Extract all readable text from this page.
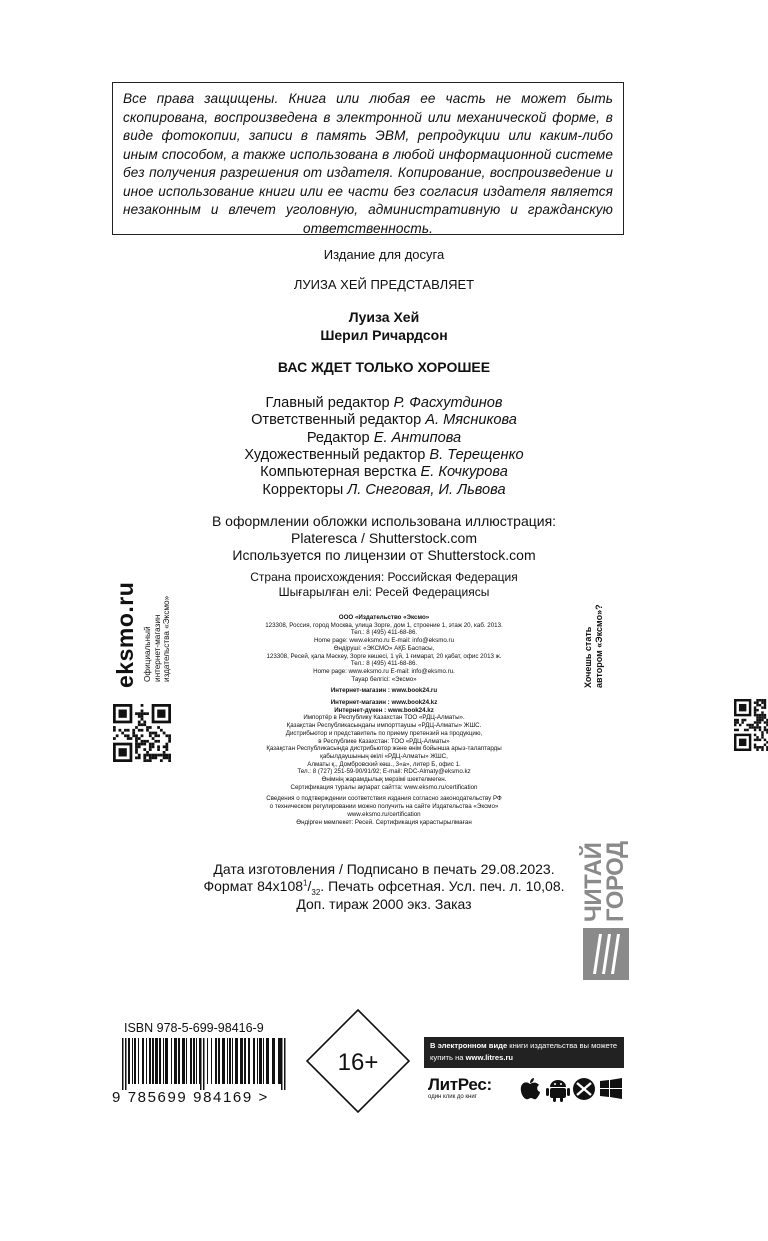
Все права защищены. Книга или любая ее часть не может быть скопирована, воспроизведена в электронной или механической форме, в виде фотокопии, записи в память ЭВМ, репродукции или каким-либо иным способом, а также использована в любой информационной системе без получения разрешения от издателя. Копирование, воспроизведение и иное использование книги или ее части без согласия издателя является незаконным и влечет уголовную, административную и гражданскую ответственность.

Издание для досуга
ЛУИЗА ХЕЙ ПРЕДСТАВЛЯЕТ
Луиза Хей
Шерил Ричардсон
ВАС ЖДЕТ ТОЛЬКО ХОРОШЕЕ
Главный редактор Р. Фасхутдинов
Ответственный редактор А. Мясникова
Редактор Е. Антипова
Художественный редактор В. Терещенко
Компьютерная верстка Е. Кочкурова
Корректоры Л. Снеговая, И. Львова
В оформлении обложки использована иллюстрация:
Plateresca / Shutterstock.com
Используется по лицензии от Shutterstock.com
Страна происхождения: Российская Федерация
Шығарылған елі: Ресей Федерациясы
ООО «Издательство «Эксмо»
123308, Россия, город Москва, улица Зорге, дом 1, строение 1, этаж 20, каб. 2013.
Тел.: 8 (495) 411-68-86.
Home page: www.eksmo.ru E-mail: info@eksmo.ru
Өндіруші: «ЭКСМО» АҚБ Баспасы,
123308, Ресей, қала Мәскеу, Зорге көшесі, 1 үй, 1 ғимарат, 20 қабат, офис 2013 ж.
Тел.: 8 (495) 411-68-86.
Home page: www.eksmo.ru E-mail: info@eksmo.ru.
Тауар белгісі: «Эксмо»
Интернет-магазин : www.book24.ru
Интернет-магазин : www.book24.kz
Интернет-дүкен : www.book24.kz
Импортёр в Республику Казахстан ТОО «РДЦ-Алматы».
Қазақстан Республикасындағы импорттаушы «РДЦ-Алматы» ЖШС.
Дистрибьютор и представитель по приему претензий на продукцию,
в Республике Казахстан: ТОО «РДЦ-Алматы»
Қазақстан Республикасында дистрибьютор және өнім бойынша арыз-талаптарды
қабылдаушының өкілі «РДЦ-Алматы» ЖШС,
Алматы қ., Домбровский көш., 3«а», литер Б, офис 1.
Тел.: 8 (727) 251-59-90/91/92; E-mail: RDC-Almaty@eksmo.kz
Өнімнің жарамдылық мерзімі шектелмеген.
Сертификация туралы ақпарат сайтта: www.eksmo.ru/certification
Сведения о подтверждении соответствия издания согласно законодательству РФ
о техническом регулировании можно получить на сайте Издательства «Эксмо»
www.eksmo.ru/certification
Өндірген мемлекет: Ресей. Сертификация қарастырылмаған
Дата изготовления / Подписано в печать 29.08.2023.
Формат $84x108^1/_{32}$. Печать офсетная. Усл. печ. л. 10,08.
Доп. тираж 2000 экз. Заказ
eksmo.ru Официальный интернет-магазин издательства «Эксмо»	Хочешь стать автором «Эксмо»?
ЧИТАЙ
ГОРОД
ISBN 978-5-699-98416-9
9 785699 984169 >
16+
В электронном виде книги издательства вы можете
купить на www.litres.ru
ЛитРес:
один клик до книг
